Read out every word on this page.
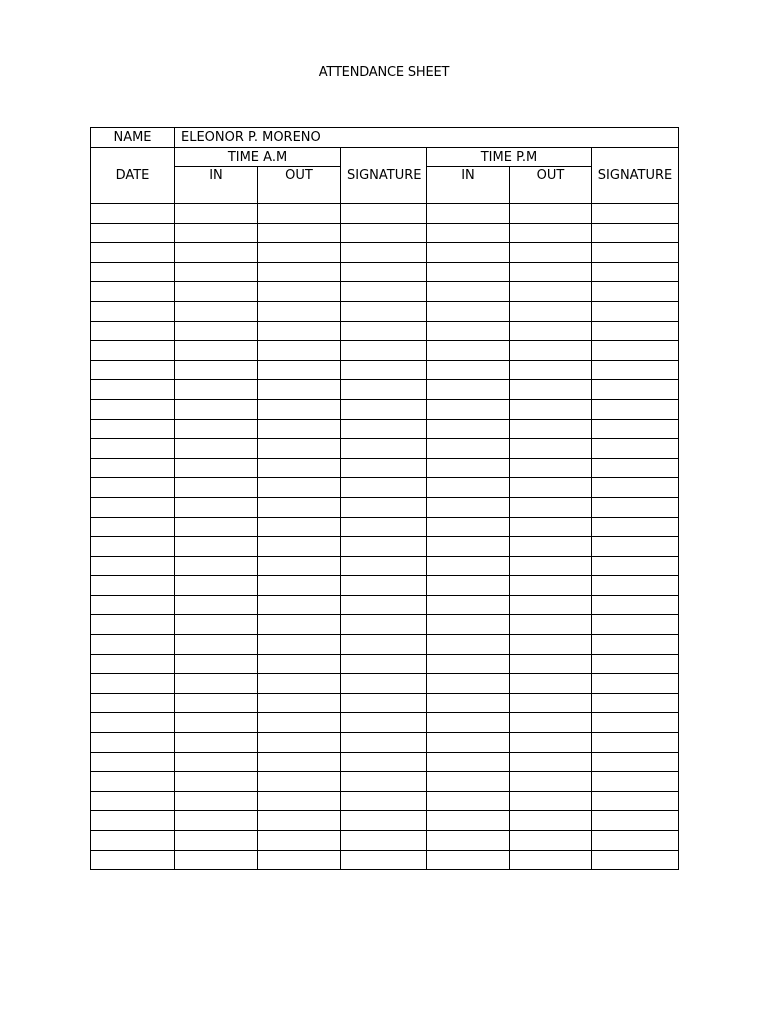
ATTENDANCE SHEET
NAME	ELEONOR P. MORENO					
DATE	TIME A.M		SIGNATURE	TIME P.M		SIGNATURE
	IN	OUT		IN	OUT	
